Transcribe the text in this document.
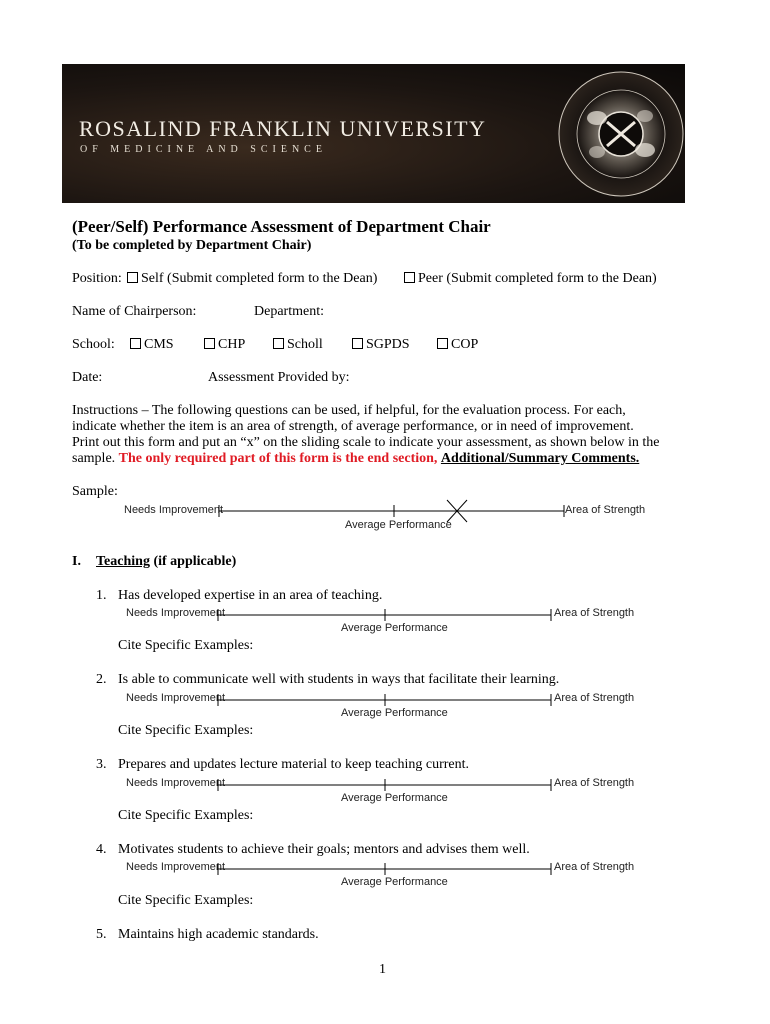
ROSALIND FRANKLIN UNIVERSITY
OF MEDICINE AND SCIENCE
(Peer/Self) Performance Assessment of Department Chair
(To be completed by Department Chair)
Position:	Self (Submit completed form to the Dean)	Peer (Submit completed form to the Dean)
Name of Chairperson:	Department:
School:	CMS	CHP	Scholl	SGPDS	COP
Date:	Assessment Provided by:
Instructions – The following questions can be used, if helpful, for the evaluation process. For each,
indicate whether the item is an area of strength, of average performance, or in need of improvement.
Print out this form and put an “x” on the sliding scale to indicate your assessment, as shown below in the
sample. The only required part of this form is the end section, Additional/Summary Comments.
Sample:
Needs Improvement	Area of Strength
Average Performance
I. Teaching (if applicable)
1. Has developed expertise in an area of teaching.
Needs Improvement	Area of Strength
Average Performance
Cite Specific Examples:
2. Is able to communicate well with students in ways that facilitate their learning.
Needs Improvement	Area of Strength
Average Performance
Cite Specific Examples:
3. Prepares and updates lecture material to keep teaching current.
Needs Improvement	Area of Strength
Average Performance
Cite Specific Examples:
4. Motivates students to achieve their goals; mentors and advises them well.
Needs Improvement	Area of Strength
Average Performance
Cite Specific Examples:
5. Maintains high academic standards.
1
